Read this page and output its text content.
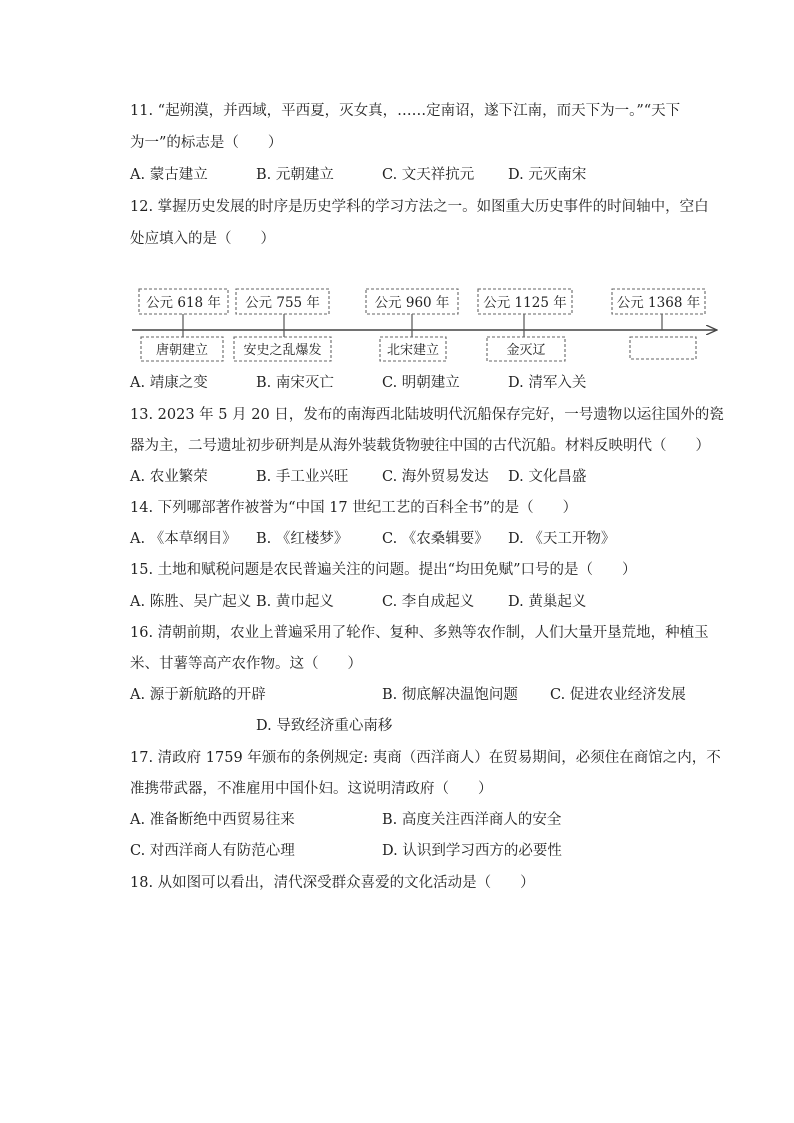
11. “起朔漠，并西域，平西夏，灭女真，……定南诏，遂下江南，而天下为一。”“天下
为一”的标志是（　　）
A. 蒙古建立	B. 元朝建立	C. 文天祥抗元 D. 元灭南宋
12. 掌握历史发展的时序是历史学科的学习方法之一。如图重大历史事件的时间轴中，空白
处应填入的是（　　）
公元 618 年 公元 755 年	公元 960 年	公元 1125 年	公元 1368 年
唐朝建立	安史之乱爆发	北宋建立	金灭辽
A. 靖康之变	B. 南宋灭亡	C. 明朝建立	D. 清军入关
13. 2023 年 5 月 20 日，发布的南海西北陆坡明代沉船保存完好，一号遗物以运往国外的瓷
器为主，二号遗址初步研判是从海外装载货物驶往中国的古代沉船。材料反映明代（　　）
A. 农业繁荣	B. 手工业兴旺 C. 海外贸易发达 D. 文化昌盛
14. 下列哪部著作被誉为“中国 17 世纪工艺的百科全书”的是（　　）
A. 《本草纲目》 B. 《红楼梦》 C. 《农桑辑要》 D. 《天工开物》
15. 土地和赋税问题是农民普遍关注的问题。提出“均田免赋”口号的是（　　）
A. 陈胜、吴广起义 B. 黄巾起义	C. 李自成起义 D. 黄巢起义
16. 清朝前期，农业上普遍采用了轮作、复种、多熟等农作制，人们大量开垦荒地，种植玉
米、甘薯等高产农作物。这（　　）
A. 源于新航路的开辟	B. 彻底解决温饱问题 C. 促进农业经济发展
D. 导致经济重心南移
17. 清政府 1759 年颁布的条例规定: 夷商（西洋商人）在贸易期间，必须住在商馆之内，不
准携带武器，不准雇用中国仆妇。这说明清政府（　　）
A. 准备断绝中西贸易往来	B. 高度关注西洋商人的安全
C. 对西洋商人有防范心理	D. 认识到学习西方的必要性
18. 从如图可以看出，清代深受群众喜爱的文化活动是（　　）
